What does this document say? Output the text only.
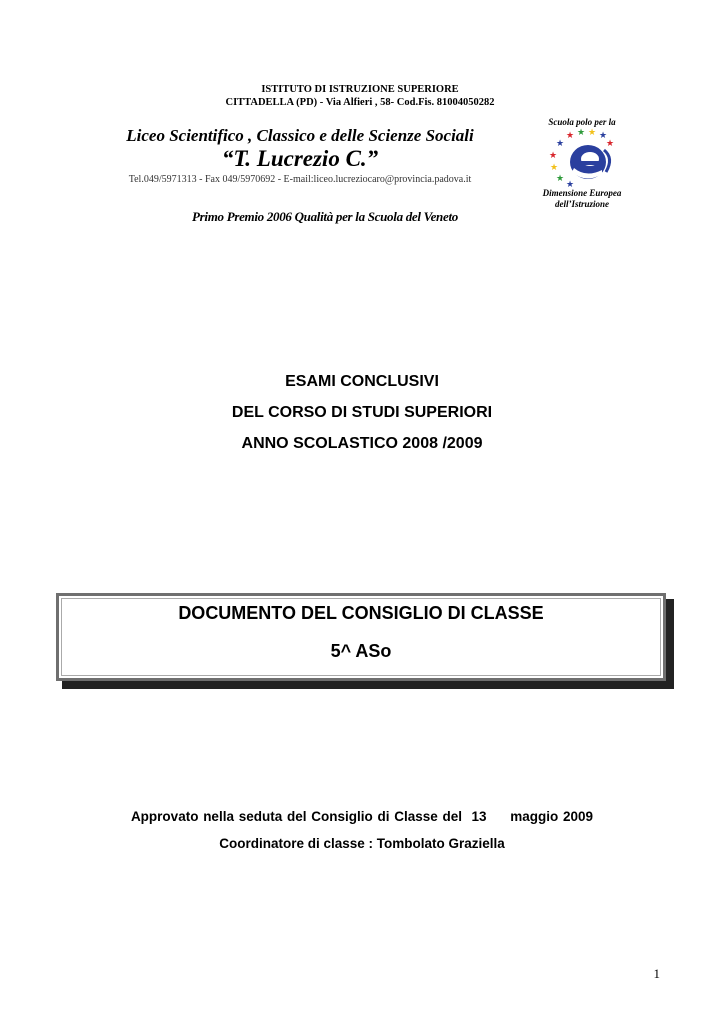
ISTITUTO DI ISTRUZIONE SUPERIORE
CITTADELLA (PD) - Via Alfieri , 58- Cod.Fis. 81004050282
Liceo Scientifico , Classico e delle Scienze Sociali
“T. Lucrezio C.”
Tel.049/5971313 - Fax 049/5970692 - E-mail:liceo.lucreziocaro@provincia.padova.it
Primo Premio 2006 Qualità per la Scuola del Veneto
Scuola polo per la
★
★ ★ ★ ★
★
★
★
★
★
Dimensione Europea
dell’Istruzione
ESAMI CONCLUSIVI
DEL CORSO DI STUDI SUPERIORI
ANNO SCOLASTICO 2008 /2009
DOCUMENTO DEL CONSIGLIO DI CLASSE
5^ ASo
Approvato nella seduta del Consiglio di Classe del  13     maggio 2009
Coordinatore di classe : Tombolato Graziella
1
